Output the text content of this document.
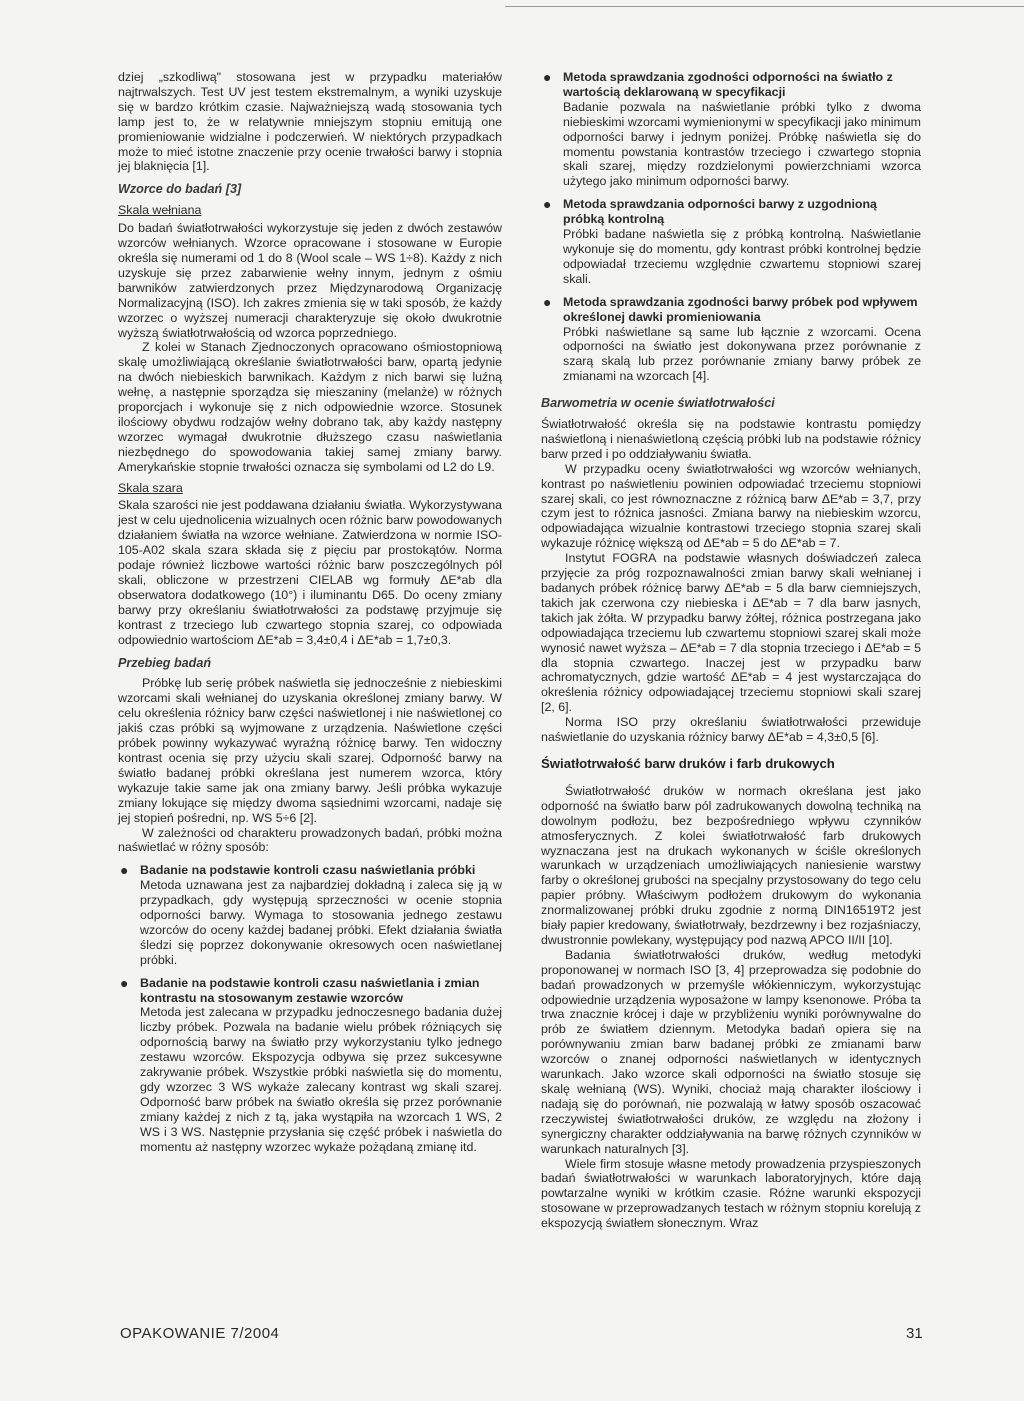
dziej „szkodliwą" stosowana jest w przypadku materiałów najtrwalszych. Test UV jest testem ekstremalnym, a wyniki uzyskuje się w bardzo krótkim czasie. Najważniejszą wadą stosowania tych lamp jest to, że w relatywnie mniejszym stopniu emitują one promieniowanie widzialne i podczerwień. W niektórych przypadkach może to mieć istotne znaczenie przy ocenie trwałości barwy i stopnia jej blaknięcia [1].

Wzorce do badań [3]
Skala wełniana

Do badań światłotrwałości wykorzystuje się jeden z dwóch zestawów wzorców wełnianych. Wzorce opracowane i stosowane w Europie określa się numerami od 1 do 8 (Wool scale – WS 1÷8). Każdy z nich uzyskuje się przez zabarwienie wełny innym, jednym z ośmiu barwników zatwierdzonych przez Międzynarodową Organizację Normalizacyjną (ISO). Ich zakres zmienia się w taki sposób, że każdy wzorzec o wyższej numeracji charakteryzuje się około dwukrotnie wyższą światłotrwałością od wzorca poprzedniego.

Z kolei w Stanach Zjednoczonych opracowano ośmiostopniową skalę umożliwiającą określanie światłotrwałości barw, opartą jedynie na dwóch niebieskich barwnikach. Każdym z nich barwi się luźną wełnę, a następnie sporządza się mieszaniny (melanże) w różnych proporcjach i wykonuje się z nich odpowiednie wzorce. Stosunek ilościowy obydwu rodzajów wełny dobrano tak, aby każdy następny wzorzec wymagał dwukrotnie dłuższego czasu naświetlania niezbędnego do spowodowania takiej samej zmiany barwy. Amerykańskie stopnie trwałości oznacza się symbolami od L2 do L9.

Skala szara

Skala szarości nie jest poddawana działaniu światła. Wykorzystywana jest w celu ujednolicenia wizualnych ocen różnic barw powodowanych działaniem światła na wzorce wełniane. Zatwierdzona w normie ISO-105-A02 skala szara składa się z pięciu par prostokątów. Norma podaje również liczbowe wartości różnic barw poszczególnych pól skali, obliczone w przestrzeni CIELAB wg formuły ΔE*ab dla obserwatora dodatkowego (10°) i iluminantu D65. Do oceny zmiany barwy przy określaniu światłotrwałości za podstawę przyjmuje się kontrast z trzeciego lub czwartego stopnia szarej, co odpowiada odpowiednio wartościom ΔE*ab = 3,4±0,4 i ΔE*ab = 1,7±0,3.

Przebieg badań

Próbkę lub serię próbek naświetla się jednocześnie z niebieskimi wzorcami skali wełnianej do uzyskania określonej zmiany barwy. W celu określenia różnicy barw części naświetlonej i nie naświetlonej co jakiś czas próbki są wyjmowane z urządzenia. Naświetlone części próbek powinny wykazywać wyraźną różnicę barwy. Ten widoczny kontrast ocenia się przy użyciu skali szarej. Odporność barwy na światło badanej próbki określana jest numerem wzorca, który wykazuje takie same jak ona zmiany barwy. Jeśli próbka wykazuje zmiany lokujące się między dwoma sąsiednimi wzorcami, nadaje się jej stopień pośredni, np. WS 5÷6 [2].

W zależności od charakteru prowadzonych badań, próbki można naświetlać w różny sposób:

● Badanie na podstawie kontroli czasu naświetlania próbki

Metoda uznawana jest za najbardziej dokładną i zaleca się ją w przypadkach, gdy występują sprzeczności w ocenie stopnia odporności barwy. Wymaga to stosowania jednego zestawu wzorców do oceny każdej badanej próbki. Efekt działania światła śledzi się poprzez dokonywanie okresowych ocen naświetlanej próbki.

● Badanie na podstawie kontroli czasu naświetlania i zmian kontrastu na stosowanym zestawie wzorców

Metoda jest zalecana w przypadku jednoczesnego badania dużej liczby próbek. Pozwala na badanie wielu próbek różniących się odpornością barwy na światło przy wykorzystaniu tylko jednego zestawu wzorców. Ekspozycja odbywa się przez sukcesywne zakrywanie próbek. Wszystkie próbki naświetla się do momentu, gdy wzorzec 3 WS wykaże zalecany kontrast wg skali szarej. Odporność barw próbek na światło określa się przez porównanie zmiany każdej z nich z tą, jaka wystąpiła na wzorcach 1 WS, 2 WS i 3 WS. Następnie przysłania się część próbek i naświetla do momentu aż następny wzorzec wykaże pożądaną zmianę itd.

● Metoda sprawdzania zgodności odporności na światło z wartością deklarowaną w specyfikacji

Badanie pozwala na naświetlanie próbki tylko z dwoma niebieskimi wzorcami wymienionymi w specyfikacji jako minimum odporności barwy i jednym poniżej. Próbkę naświetla się do momentu powstania kontrastów trzeciego i czwartego stopnia skali szarej, między rozdzielonymi powierzchniami wzorca użytego jako minimum odporności barwy.

● Metoda sprawdzania odporności barwy z uzgodnioną próbką kontrolną

Próbki badane naświetla się z próbką kontrolną. Naświetlanie wykonuje się do momentu, gdy kontrast próbki kontrolnej będzie odpowiadał trzeciemu względnie czwartemu stopniowi szarej skali.

● Metoda sprawdzania zgodności barwy próbek pod wpływem określonej dawki promieniowania

Próbki naświetlane są same lub łącznie z wzorcami. Ocena odporności na światło jest dokonywana przez porównanie z szarą skalą lub przez porównanie zmiany barwy próbek ze zmianami na wzorcach [4].

Barwometria w ocenie światłotrwałości

Światłotrwałość określa się na podstawie kontrastu pomiędzy naświetloną i nienaświetloną częścią próbki lub na podstawie różnicy barw przed i po oddziaływaniu światła.

W przypadku oceny światłotrwałości wg wzorców wełnianych, kontrast po naświetleniu powinien odpowiadać trzeciemu stopniowi szarej skali, co jest równoznaczne z różnicą barw ΔE*ab = 3,7, przy czym jest to różnica jasności. Zmiana barwy na niebieskim wzorcu, odpowiadająca wizualnie kontrastowi trzeciego stopnia szarej skali wykazuje różnicę większą od ΔE*ab = 5 do ΔE*ab = 7.

Instytut FOGRA na podstawie własnych doświadczeń zaleca przyjęcie za próg rozpoznawalności zmian barwy skali wełnianej i badanych próbek różnicę barwy ΔE*ab = 5 dla barw ciemniejszych, takich jak czerwona czy niebieska i ΔE*ab = 7 dla barw jasnych, takich jak żółta. W przypadku barwy żółtej, różnica postrzegana jako odpowiadająca trzeciemu lub czwartemu stopniowi szarej skali może wynosić nawet wyższa – ΔE*ab = 7 dla stopnia trzeciego i ΔE*ab = 5 dla stopnia czwartego. Inaczej jest w przypadku barw achromatycznych, gdzie wartość ΔE*ab = 4 jest wystarczająca do określenia różnicy odpowiadającej trzeciemu stopniowi skali szarej [2, 6].

Norma ISO przy określaniu światłotrwałości przewiduje naświetlanie do uzyskania różnicy barwy ΔE*ab = 4,3±0,5 [6].

Światłotrwałość barw druków i farb drukowych

Światłotrwałość druków w normach określana jest jako odporność na światło barw pól zadrukowanych dowolną techniką na dowolnym podłożu, bez bezpośredniego wpływu czynników atmosferycznych. Z kolei światłotrwałość farb drukowych wyznaczana jest na drukach wykonanych w ściśle określonych warunkach w urządzeniach umożliwiających naniesienie warstwy farby o określonej grubości na specjalny przystosowany do tego celu papier próbny. Właściwym podłożem drukowym do wykonania znormalizowanej próbki druku zgodnie z normą DIN16519T2 jest biały papier kredowany, światłotrwały, bezdrzewny i bez rozjaśniaczy, dwustronnie powlekany, występujący pod nazwą APCO II/II [10].

Badania światłotrwałości druków, według metodyki proponowanej w normach ISO [3, 4] przeprowadza się podobnie do badań prowadzonych w przemyśle włókienniczym, wykorzystując odpowiednie urządzenia wyposażone w lampy ksenonowe. Próba ta trwa znacznie krócej i daje w przybliżeniu wyniki porównywalne do prób ze światłem dziennym. Metodyka badań opiera się na porównywaniu zmian barw badanej próbki ze zmianami barw wzorców o znanej odporności naświetlanych w identycznych warunkach. Jako wzorce skali odporności na światło stosuje się skalę wełnianą (WS). Wyniki, chociaż mają charakter ilościowy i nadają się do porównań, nie pozwalają w łatwy sposób oszacować rzeczywistej światłotrwałości druków, ze względu na złożony i synergiczny charakter oddziaływania na barwę różnych czynników w warunkach naturalnych [3].

Wiele firm stosuje własne metody prowadzenia przyspieszonych badań światłotrwałości w warunkach laboratoryjnych, które dają powtarzalne wyniki w krótkim czasie. Różne warunki ekspozycji stosowane w przeprowadzanych testach w różnym stopniu korelują z ekspozycją światłem słonecznym. Wraz

OPAKOWANIE 7/2004	31
